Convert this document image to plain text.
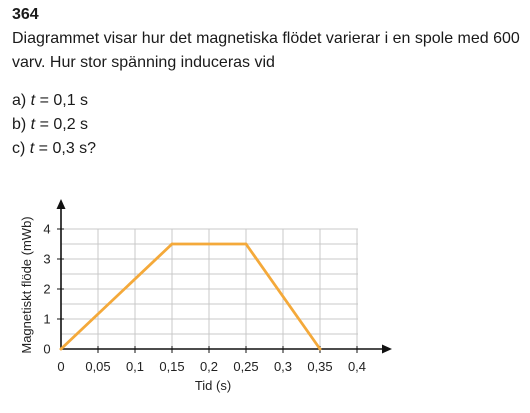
364

Diagrammet visar hur det magnetiska flödet varierar i en spole med 600 varv. Hur stor spänning induceras vid

a) t = 0,1 s
b) t = 0,2 s
c) t = 0,3 s?
0 0,05 0,1 0,15 0,2 0,25 0,3 0,35 0,4
0
1
2
3
4
Tid (s)
Magnetiskt flöde (mWb)
